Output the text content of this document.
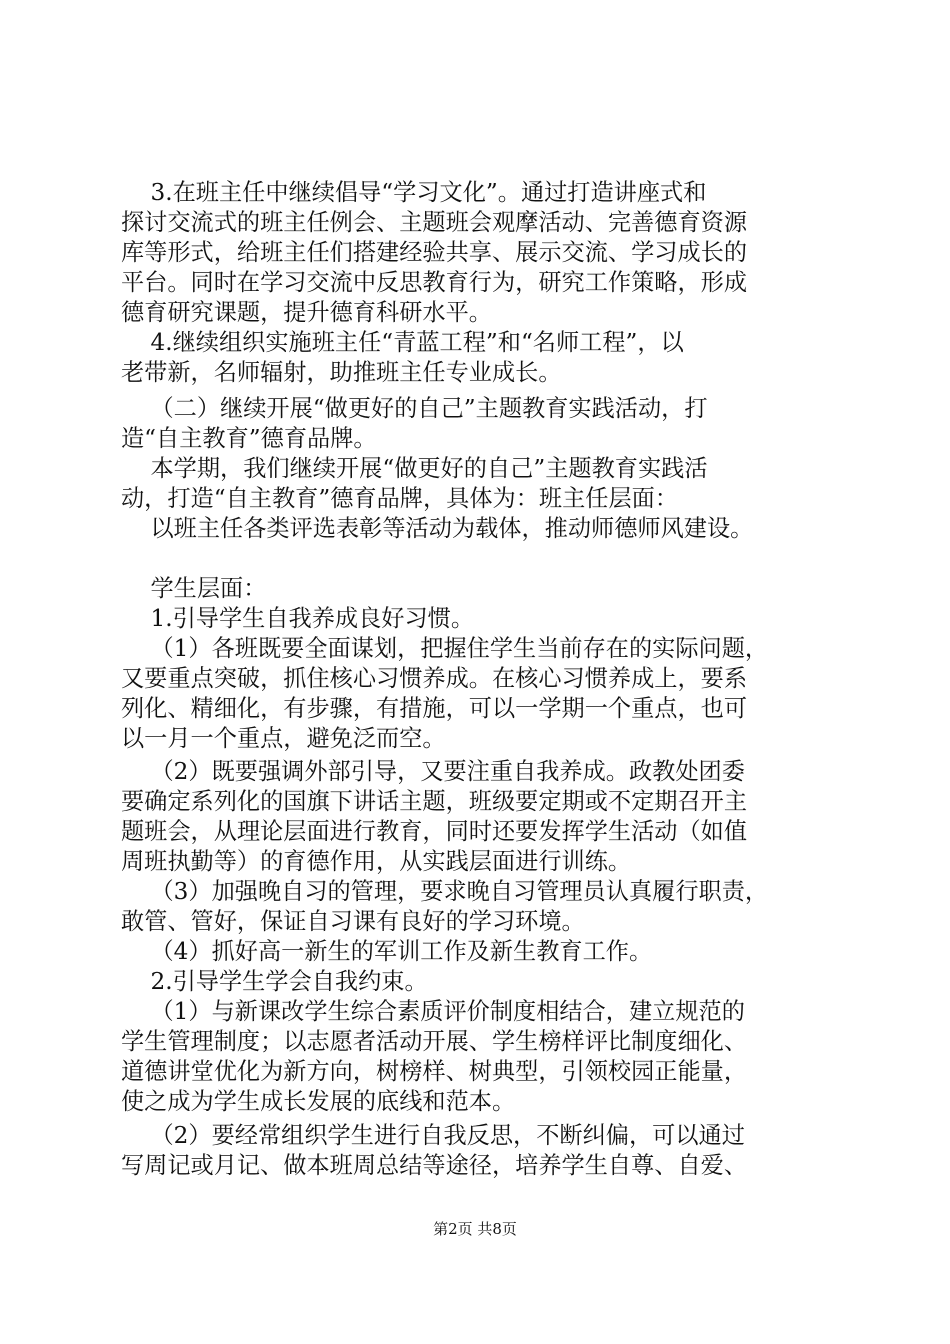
3.在班主任中继续倡导“学习文化”。通过打造讲座式和
探讨交流式的班主任例会、主题班会观摩活动、完善德育资源
库等形式，给班主任们搭建经验共享、展示交流、学习成长的
平台。同时在学习交流中反思教育行为，研究工作策略，形成
德育研究课题，提升德育科研水平。
4.继续组织实施班主任“青蓝工程”和“名师工程”，以
老带新，名师辐射，助推班主任专业成长。
（二）继续开展“做更好的自己”主题教育实践活动，打
造“自主教育”德育品牌。
本学期，我们继续开展“做更好的自己”主题教育实践活
动，打造“自主教育”德育品牌，具体为：班主任层面：
以班主任各类评选表彰等活动为载体，推动师德师风建设。
学生层面：
1.引导学生自我养成良好习惯。
（1）各班既要全面谋划，把握住学生当前存在的实际问题，
又要重点突破，抓住核心习惯养成。在核心习惯养成上，要系
列化、精细化，有步骤，有措施，可以一学期一个重点，也可
以一月一个重点，避免泛而空。
（2）既要强调外部引导，又要注重自我养成。政教处团委
要确定系列化的国旗下讲话主题，班级要定期或不定期召开主
题班会，从理论层面进行教育，同时还要发挥学生活动（如值
周班执勤等）的育德作用，从实践层面进行训练。
（3）加强晚自习的管理，要求晚自习管理员认真履行职责，
敢管、管好，保证自习课有良好的学习环境。
（4）抓好高一新生的军训工作及新生教育工作。
2.引导学生学会自我约束。
（1）与新课改学生综合素质评价制度相结合，建立规范的
学生管理制度；以志愿者活动开展、学生榜样评比制度细化、
道德讲堂优化为新方向，树榜样、树典型，引领校园正能量，
使之成为学生成长发展的底线和范本。
（2）要经常组织学生进行自我反思，不断纠偏，可以通过
写周记或月记、做本班周总结等途径，培养学生自尊、自爱、
第2页 共8页
